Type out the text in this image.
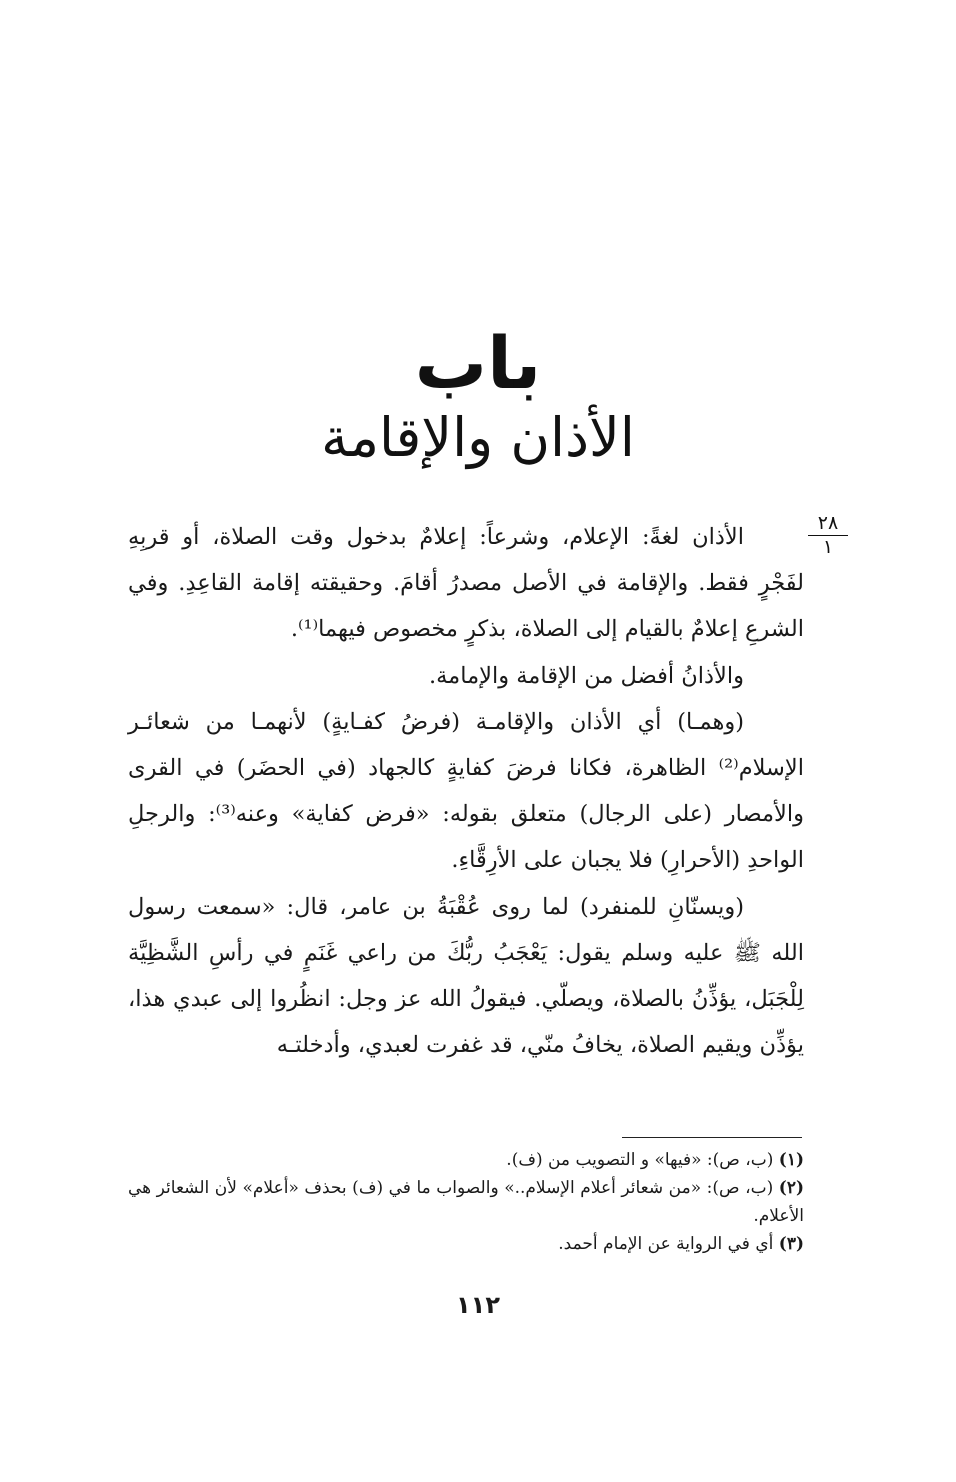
باب
الأذان والإقامة
٢٨
١

الأذان لغةً: الإعلام، وشرعاً: إعلامٌ بدخول وقت الصلاة، أو قربِهِ لفَجْرٍ فقط. والإقامة في الأصل مصدرُ أقامَ. وحقيقته إقامة القاعِدِ. وفي الشرعِ إعلامٌ بالقيام إلى الصلاة، بذكرٍ مخصوص فيهما⁽¹⁾.

والأذانُ أفضل من الإقامة والإمامة.

(وهمـا) أي الأذان والإقامـة (فرضُ كفـايةٍ) لأنهمـا من شعائـر الإسلام⁽²⁾ الظاهرة، فكانا فرضَ كفايةٍ كالجهاد (في الحضَر) في القرى والأمصار (على الرجال) متعلق بقوله: «فرض كفاية» وعنه⁽³⁾: والرجلِ الواحدِ (الأحرارِ) فلا يجبان على الأرِقَّاءِ.

(ويسنّانِ للمنفرد) لما روى عُقْبَةُ بن عامر، قال: «سمعت رسول الله ﷺ عليه وسلم يقول: يَعْجَبُ ربُّكَ من راعي غَنَمٍ في رأسِ الشَّظِيَّة لِلْجَبَل، يؤذِّنُ بالصلاة، ويصلّي. فيقولُ الله عز وجل: انظُروا إلى عبدي هذا، يؤذِّن ويقيم الصلاة، يخافُ منّي، قد غفرت لعبدي، وأدخلتـه

(١) (ب، ص): «فيها» و التصويب من (ف).

(٢) (ب، ص): «من شعائر أعلام الإسلام..» والصواب ما في (ف) بحذف «أعلام» لأن الشعائر هي الأعلام.

(٣) أي في الرواية عن الإمام أحمد.

١١٢
